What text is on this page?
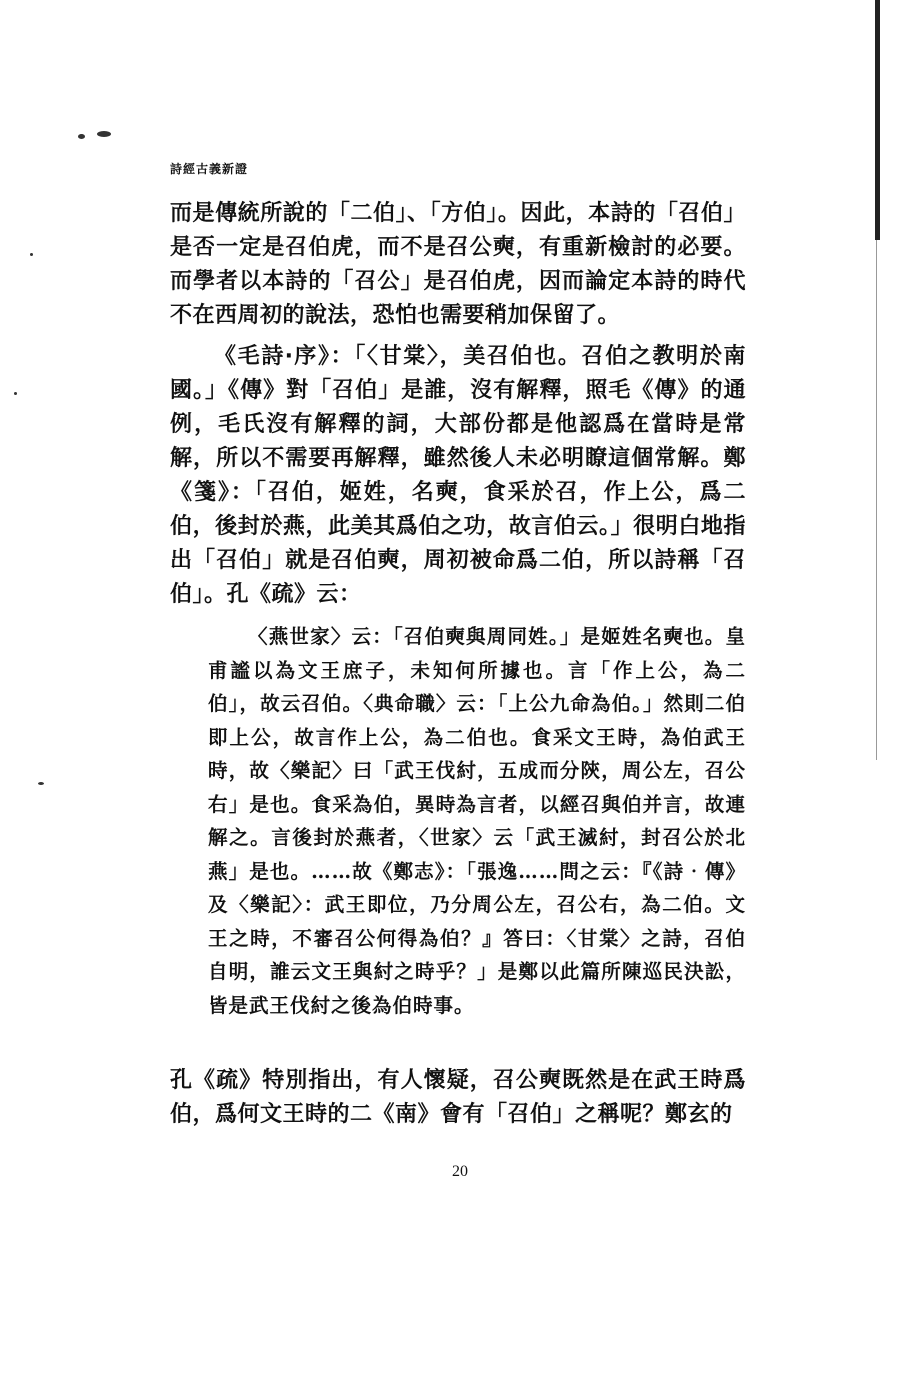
詩經古義新證

而是傳統所說的「二伯」、「方伯」。因此，本詩的「召伯」是否一定是召伯虎，而不是召公奭，有重新檢討的必要。而學者以本詩的「召公」是召伯虎，因而論定本詩的時代不在西周初的說法，恐怕也需要稍加保留了。

《毛詩‧序》：「〈甘棠〉，美召伯也。召伯之教明於南國。」《傳》對「召伯」是誰，沒有解釋，照毛《傳》的通例，毛氏沒有解釋的詞，大部份都是他認爲在當時是常解，所以不需要再解釋，雖然後人未必明瞭這個常解。鄭《箋》：「召伯，姬姓，名奭，食采於召，作上公，爲二伯，後封於燕，此美其爲伯之功，故言伯云。」很明白地指出「召伯」就是召伯奭，周初被命爲二伯，所以詩稱「召伯」。孔《疏》云：

〈燕世家〉云：「召伯奭與周同姓。」是姬姓名奭也。皇甫謐以為文王庶子，未知何所據也。言「作上公，為二伯」，故云召伯。〈典命職〉云：「上公九命為伯。」然則二伯即上公，故言作上公，為二伯也。食采文王時，為伯武王時，故〈樂記〉曰「武王伐紂，五成而分陝，周公左，召公右」是也。食采為伯，異時為言者，以經召與伯并言，故連解之。言後封於燕者，〈世家〉云「武王滅紂，封召公於北燕」是也。……故《鄭志》：「張逸……問之云：『《詩‧傳》及〈樂記〉：武王即位，乃分周公左，召公右，為二伯。文王之時，不審召公何得為伯？』答曰：〈甘棠〉之詩，召伯自明，誰云文王與紂之時乎？」是鄭以此篇所陳巡民決訟，皆是武王伐紂之後為伯時事。

孔《疏》特別指出，有人懷疑，召公奭既然是在武王時爲伯，爲何文王時的二《南》會有「召伯」之稱呢？鄭玄的

20
